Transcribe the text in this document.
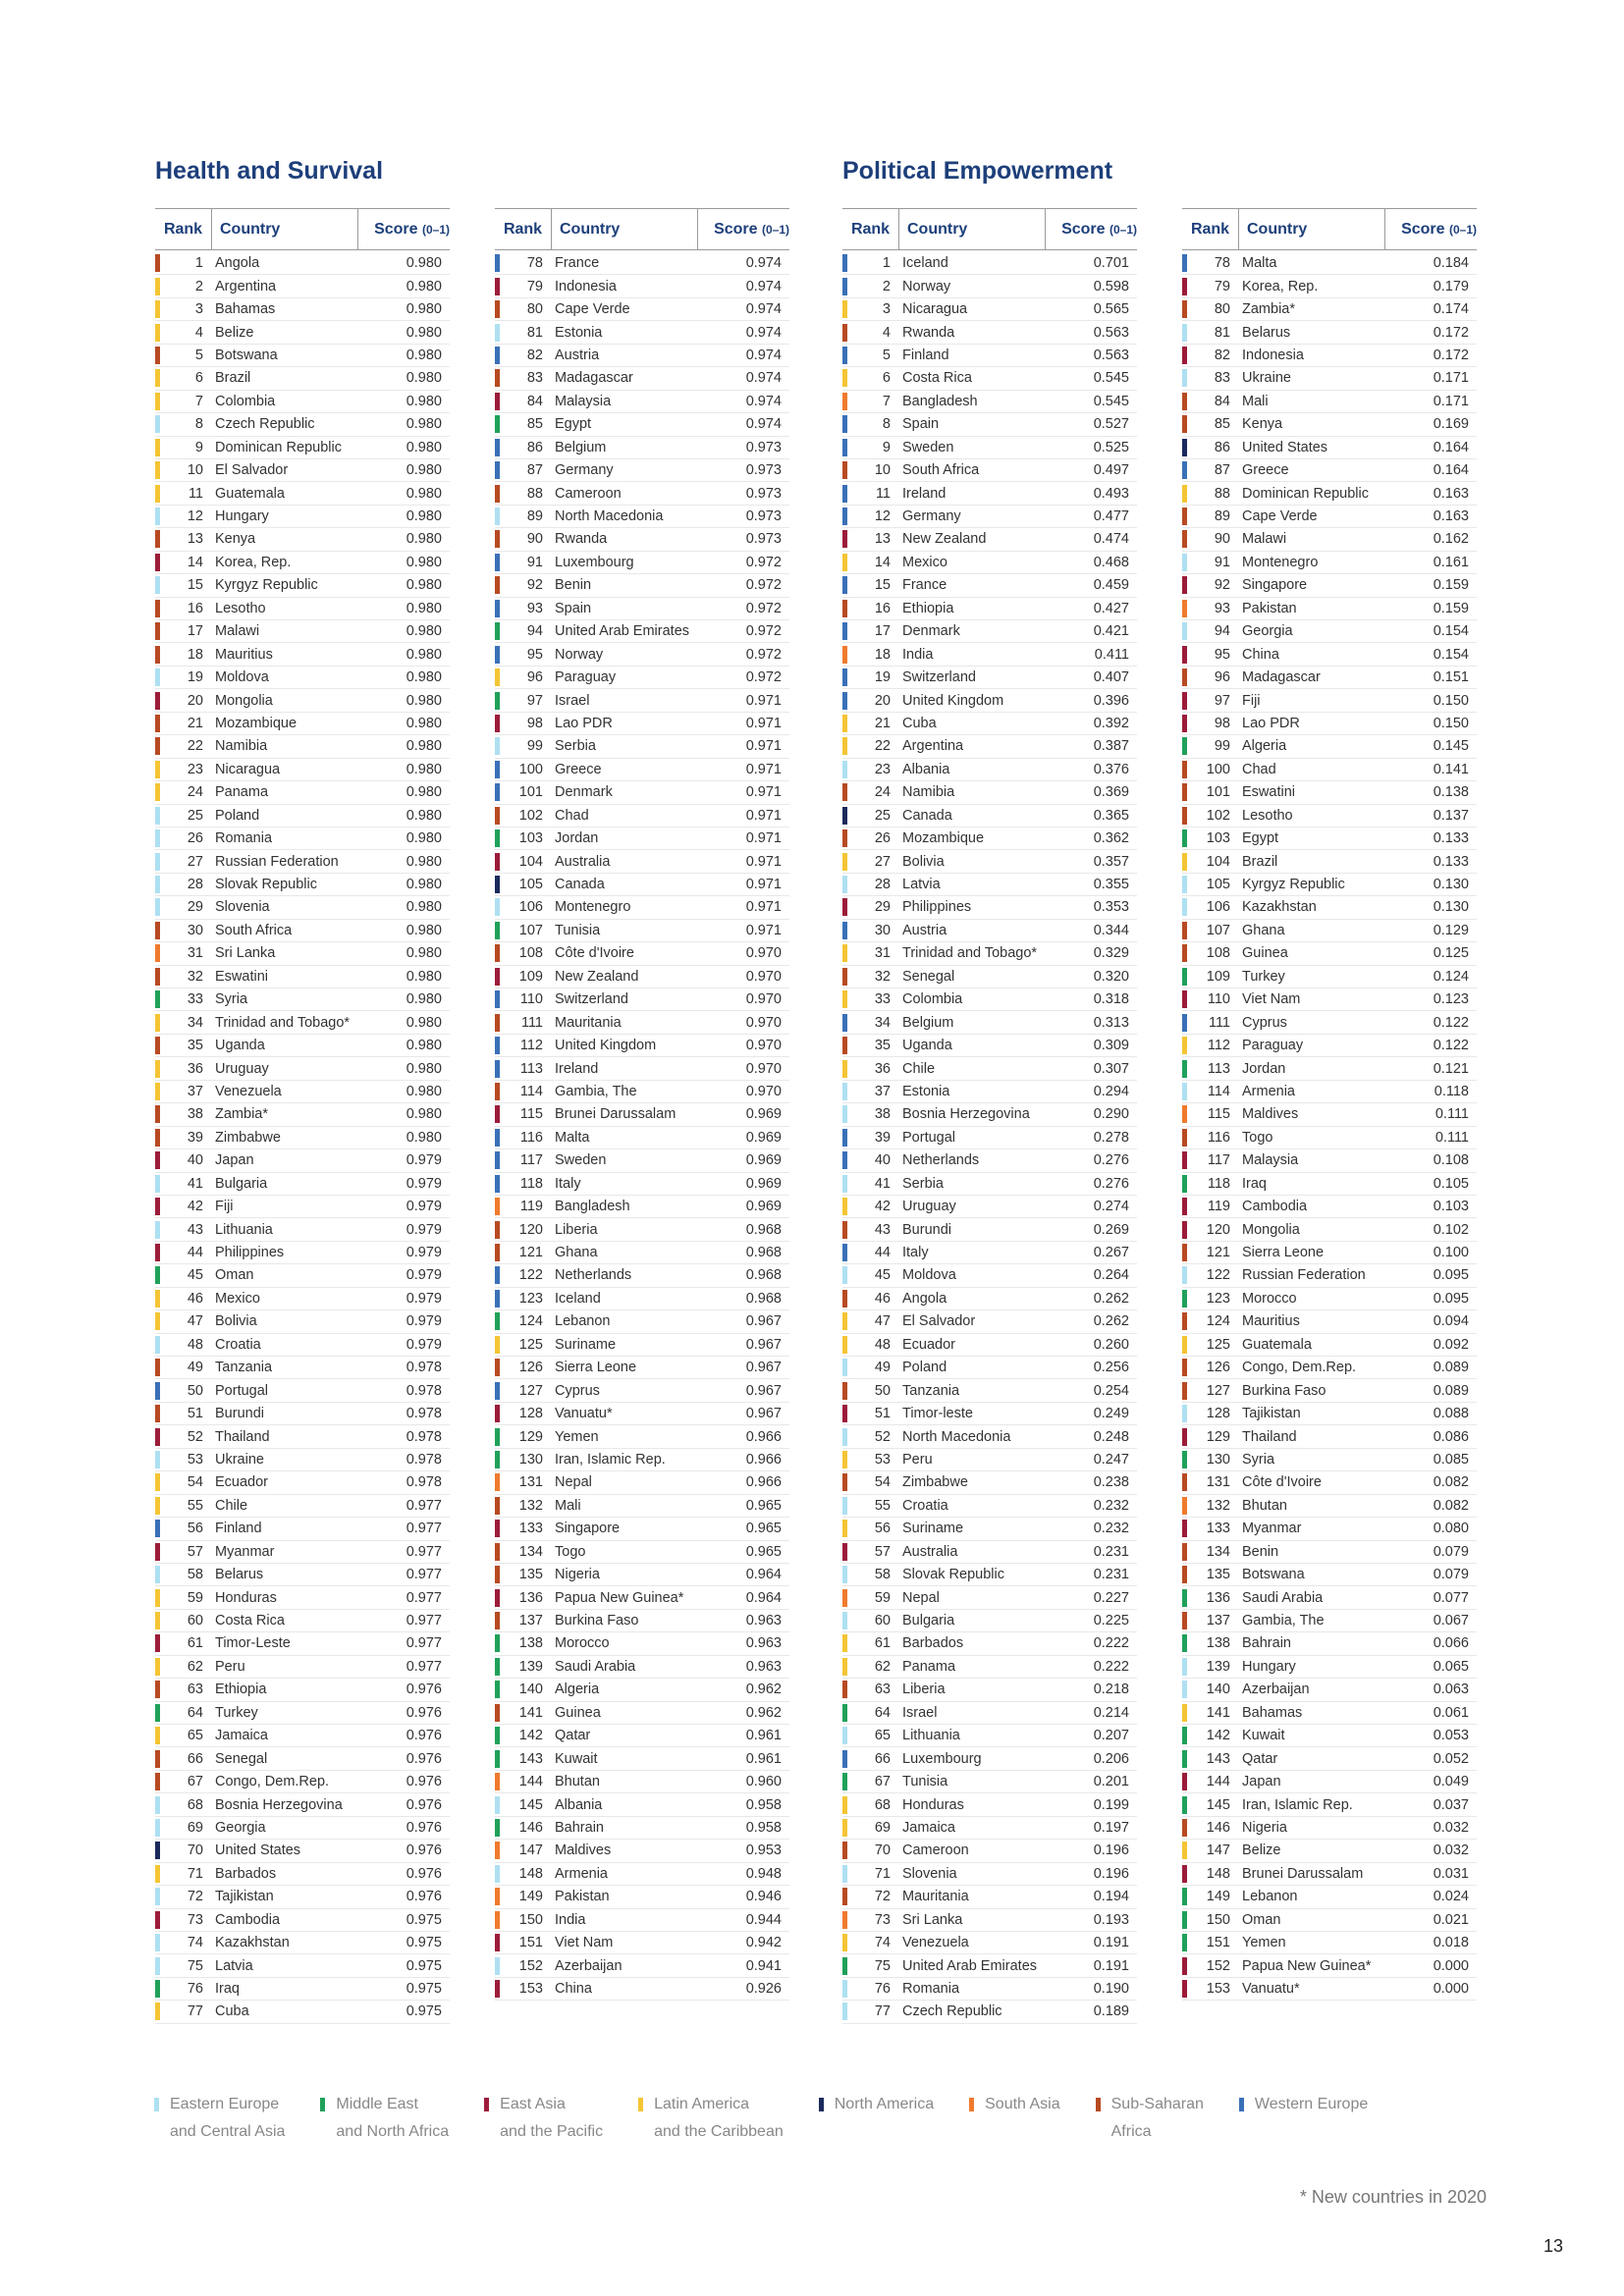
Health and Survival	Political Empowerment
Rank	Country	Score (0–1)
1 Angola	0.980
2 Argentina	0.980
3 Bahamas	0.980
4 Belize	0.980
5 Botswana	0.980
6 Brazil	0.980
7 Colombia	0.980
8 Czech Republic	0.980
9 Dominican Republic	0.980
10 El Salvador	0.980
11 Guatemala	0.980
12 Hungary	0.980
13 Kenya	0.980
14 Korea, Rep.	0.980
15 Kyrgyz Republic	0.980
16 Lesotho	0.980
17 Malawi	0.980
18 Mauritius	0.980
19 Moldova	0.980
20 Mongolia	0.980
21 Mozambique	0.980
22 Namibia	0.980
23 Nicaragua	0.980
24 Panama	0.980
25 Poland	0.980
26 Romania	0.980
27 Russian Federation	0.980
28 Slovak Republic	0.980
29 Slovenia	0.980
30 South Africa	0.980
31 Sri Lanka	0.980
32 Eswatini	0.980
33 Syria	0.980
34 Trinidad and Tobago*	0.980
35 Uganda	0.980
36 Uruguay	0.980
37 Venezuela	0.980
38 Zambia*	0.980
39 Zimbabwe	0.980
40 Japan	0.979
41 Bulgaria	0.979
42 Fiji	0.979
43 Lithuania	0.979
44 Philippines	0.979
45 Oman	0.979
46 Mexico	0.979
47 Bolivia	0.979
48 Croatia	0.979
49 Tanzania	0.978
50 Portugal	0.978
51 Burundi	0.978
52 Thailand	0.978
53 Ukraine	0.978
54 Ecuador	0.978
55 Chile	0.977
56 Finland	0.977
57 Myanmar	0.977
58 Belarus	0.977
59 Honduras	0.977
60 Costa Rica	0.977
61 Timor-Leste	0.977
62 Peru	0.977
63 Ethiopia	0.976
64 Turkey	0.976
65 Jamaica	0.976
66 Senegal	0.976
67 Congo, Dem.Rep.	0.976
68 Bosnia Herzegovina	0.976
69 Georgia	0.976
70 United States	0.976
71 Barbados	0.976
72 Tajikistan	0.976
73 Cambodia	0.975
74 Kazakhstan	0.975
75 Latvia	0.975
76 Iraq	0.975
77 Cuba	0.975
Rank	Country	Score (0–1)
78 France	0.974
79 Indonesia	0.974
80 Cape Verde	0.974
81 Estonia	0.974
82 Austria	0.974
83 Madagascar	0.974
84 Malaysia	0.974
85 Egypt	0.974
86 Belgium	0.973
87 Germany	0.973
88 Cameroon	0.973
89 North Macedonia	0.973
90 Rwanda	0.973
91 Luxembourg	0.972
92 Benin	0.972
93 Spain	0.972
94 United Arab Emirates	0.972
95 Norway	0.972
96 Paraguay	0.972
97 Israel	0.971
98 Lao PDR	0.971
99 Serbia	0.971
100 Greece	0.971
101 Denmark	0.971
102 Chad	0.971
103 Jordan	0.971
104 Australia	0.971
105 Canada	0.971
106 Montenegro	0.971
107 Tunisia	0.971
108 Côte d'Ivoire	0.970
109 New Zealand	0.970
110 Switzerland	0.970
111 Mauritania	0.970
112 United Kingdom	0.970
113 Ireland	0.970
114 Gambia, The	0.970
115 Brunei Darussalam	0.969
116 Malta	0.969
117 Sweden	0.969
118 Italy	0.969
119 Bangladesh	0.969
120 Liberia	0.968
121 Ghana	0.968
122 Netherlands	0.968
123 Iceland	0.968
124 Lebanon	0.967
125 Suriname	0.967
126 Sierra Leone	0.967
127 Cyprus	0.967
128 Vanuatu*	0.967
129 Yemen	0.966
130 Iran, Islamic Rep.	0.966
131 Nepal	0.966
132 Mali	0.965
133 Singapore	0.965
134 Togo	0.965
135 Nigeria	0.964
136 Papua New Guinea*	0.964
137 Burkina Faso	0.963
138 Morocco	0.963
139 Saudi Arabia	0.963
140 Algeria	0.962
141 Guinea	0.962
142 Qatar	0.961
143 Kuwait	0.961
144 Bhutan	0.960
145 Albania	0.958
146 Bahrain	0.958
147 Maldives	0.953
148 Armenia	0.948
149 Pakistan	0.946
150 India	0.944
151 Viet Nam	0.942
152 Azerbaijan	0.941
153 China	0.926
Rank	Country	Score (0–1)
1 Iceland	0.701
2 Norway	0.598
3 Nicaragua	0.565
4 Rwanda	0.563
5 Finland	0.563
6 Costa Rica	0.545
7 Bangladesh	0.545
8 Spain	0.527
9 Sweden	0.525
10 South Africa	0.497
11 Ireland	0.493
12 Germany	0.477
13 New Zealand	0.474
14 Mexico	0.468
15 France	0.459
16 Ethiopia	0.427
17 Denmark	0.421
18 India	0.411
19 Switzerland	0.407
20 United Kingdom	0.396
21 Cuba	0.392
22 Argentina	0.387
23 Albania	0.376
24 Namibia	0.369
25 Canada	0.365
26 Mozambique	0.362
27 Bolivia	0.357
28 Latvia	0.355
29 Philippines	0.353
30 Austria	0.344
31 Trinidad and Tobago*	0.329
32 Senegal	0.320
33 Colombia	0.318
34 Belgium	0.313
35 Uganda	0.309
36 Chile	0.307
37 Estonia	0.294
38 Bosnia Herzegovina	0.290
39 Portugal	0.278
40 Netherlands	0.276
41 Serbia	0.276
42 Uruguay	0.274
43 Burundi	0.269
44 Italy	0.267
45 Moldova	0.264
46 Angola	0.262
47 El Salvador	0.262
48 Ecuador	0.260
49 Poland	0.256
50 Tanzania	0.254
51 Timor-leste	0.249
52 North Macedonia	0.248
53 Peru	0.247
54 Zimbabwe	0.238
55 Croatia	0.232
56 Suriname	0.232
57 Australia	0.231
58 Slovak Republic	0.231
59 Nepal	0.227
60 Bulgaria	0.225
61 Barbados	0.222
62 Panama	0.222
63 Liberia	0.218
64 Israel	0.214
65 Lithuania	0.207
66 Luxembourg	0.206
67 Tunisia	0.201
68 Honduras	0.199
69 Jamaica	0.197
70 Cameroon	0.196
71 Slovenia	0.196
72 Mauritania	0.194
73 Sri Lanka	0.193
74 Venezuela	0.191
75 United Arab Emirates	0.191
76 Romania	0.190
77 Czech Republic	0.189
Rank	Country	Score (0–1)
78 Malta	0.184
79 Korea, Rep.	0.179
80 Zambia*	0.174
81 Belarus	0.172
82 Indonesia	0.172
83 Ukraine	0.171
84 Mali	0.171
85 Kenya	0.169
86 United States	0.164
87 Greece	0.164
88 Dominican Republic	0.163
89 Cape Verde	0.163
90 Malawi	0.162
91 Montenegro	0.161
92 Singapore	0.159
93 Pakistan	0.159
94 Georgia	0.154
95 China	0.154
96 Madagascar	0.151
97 Fiji	0.150
98 Lao PDR	0.150
99 Algeria	0.145
100 Chad	0.141
101 Eswatini	0.138
102 Lesotho	0.137
103 Egypt	0.133
104 Brazil	0.133
105 Kyrgyz Republic	0.130
106 Kazakhstan	0.130
107 Ghana	0.129
108 Guinea	0.125
109 Turkey	0.124
110 Viet Nam	0.123
111 Cyprus	0.122
112 Paraguay	0.122
113 Jordan	0.121
114 Armenia	0.118
115 Maldives	0.111
116 Togo	0.111
117 Malaysia	0.108
118 Iraq	0.105
119 Cambodia	0.103
120 Mongolia	0.102
121 Sierra Leone	0.100
122 Russian Federation	0.095
123 Morocco	0.095
124 Mauritius	0.094
125 Guatemala	0.092
126 Congo, Dem.Rep.	0.089
127 Burkina Faso	0.089
128 Tajikistan	0.088
129 Thailand	0.086
130 Syria	0.085
131 Côte d'Ivoire	0.082
132 Bhutan	0.082
133 Myanmar	0.080
134 Benin	0.079
135 Botswana	0.079
136 Saudi Arabia	0.077
137 Gambia, The	0.067
138 Bahrain	0.066
139 Hungary	0.065
140 Azerbaijan	0.063
141 Bahamas	0.061
142 Kuwait	0.053
143 Qatar	0.052
144 Japan	0.049
145 Iran, Islamic Rep.	0.037
146 Nigeria	0.032
147 Belize	0.032
148 Brunei Darussalam	0.031
149 Lebanon	0.024
150 Oman	0.021
151 Yemen	0.018
152 Papua New Guinea*	0.000
153 Vanuatu*	0.000
Eastern Europe
and Central Asia
Middle East
and North Africa
East Asia
and the Pacific
Latin America
and the Caribbean
North America	South Asia	Sub-Saharan
Africa
Western Europe
* New countries in 2020
13
